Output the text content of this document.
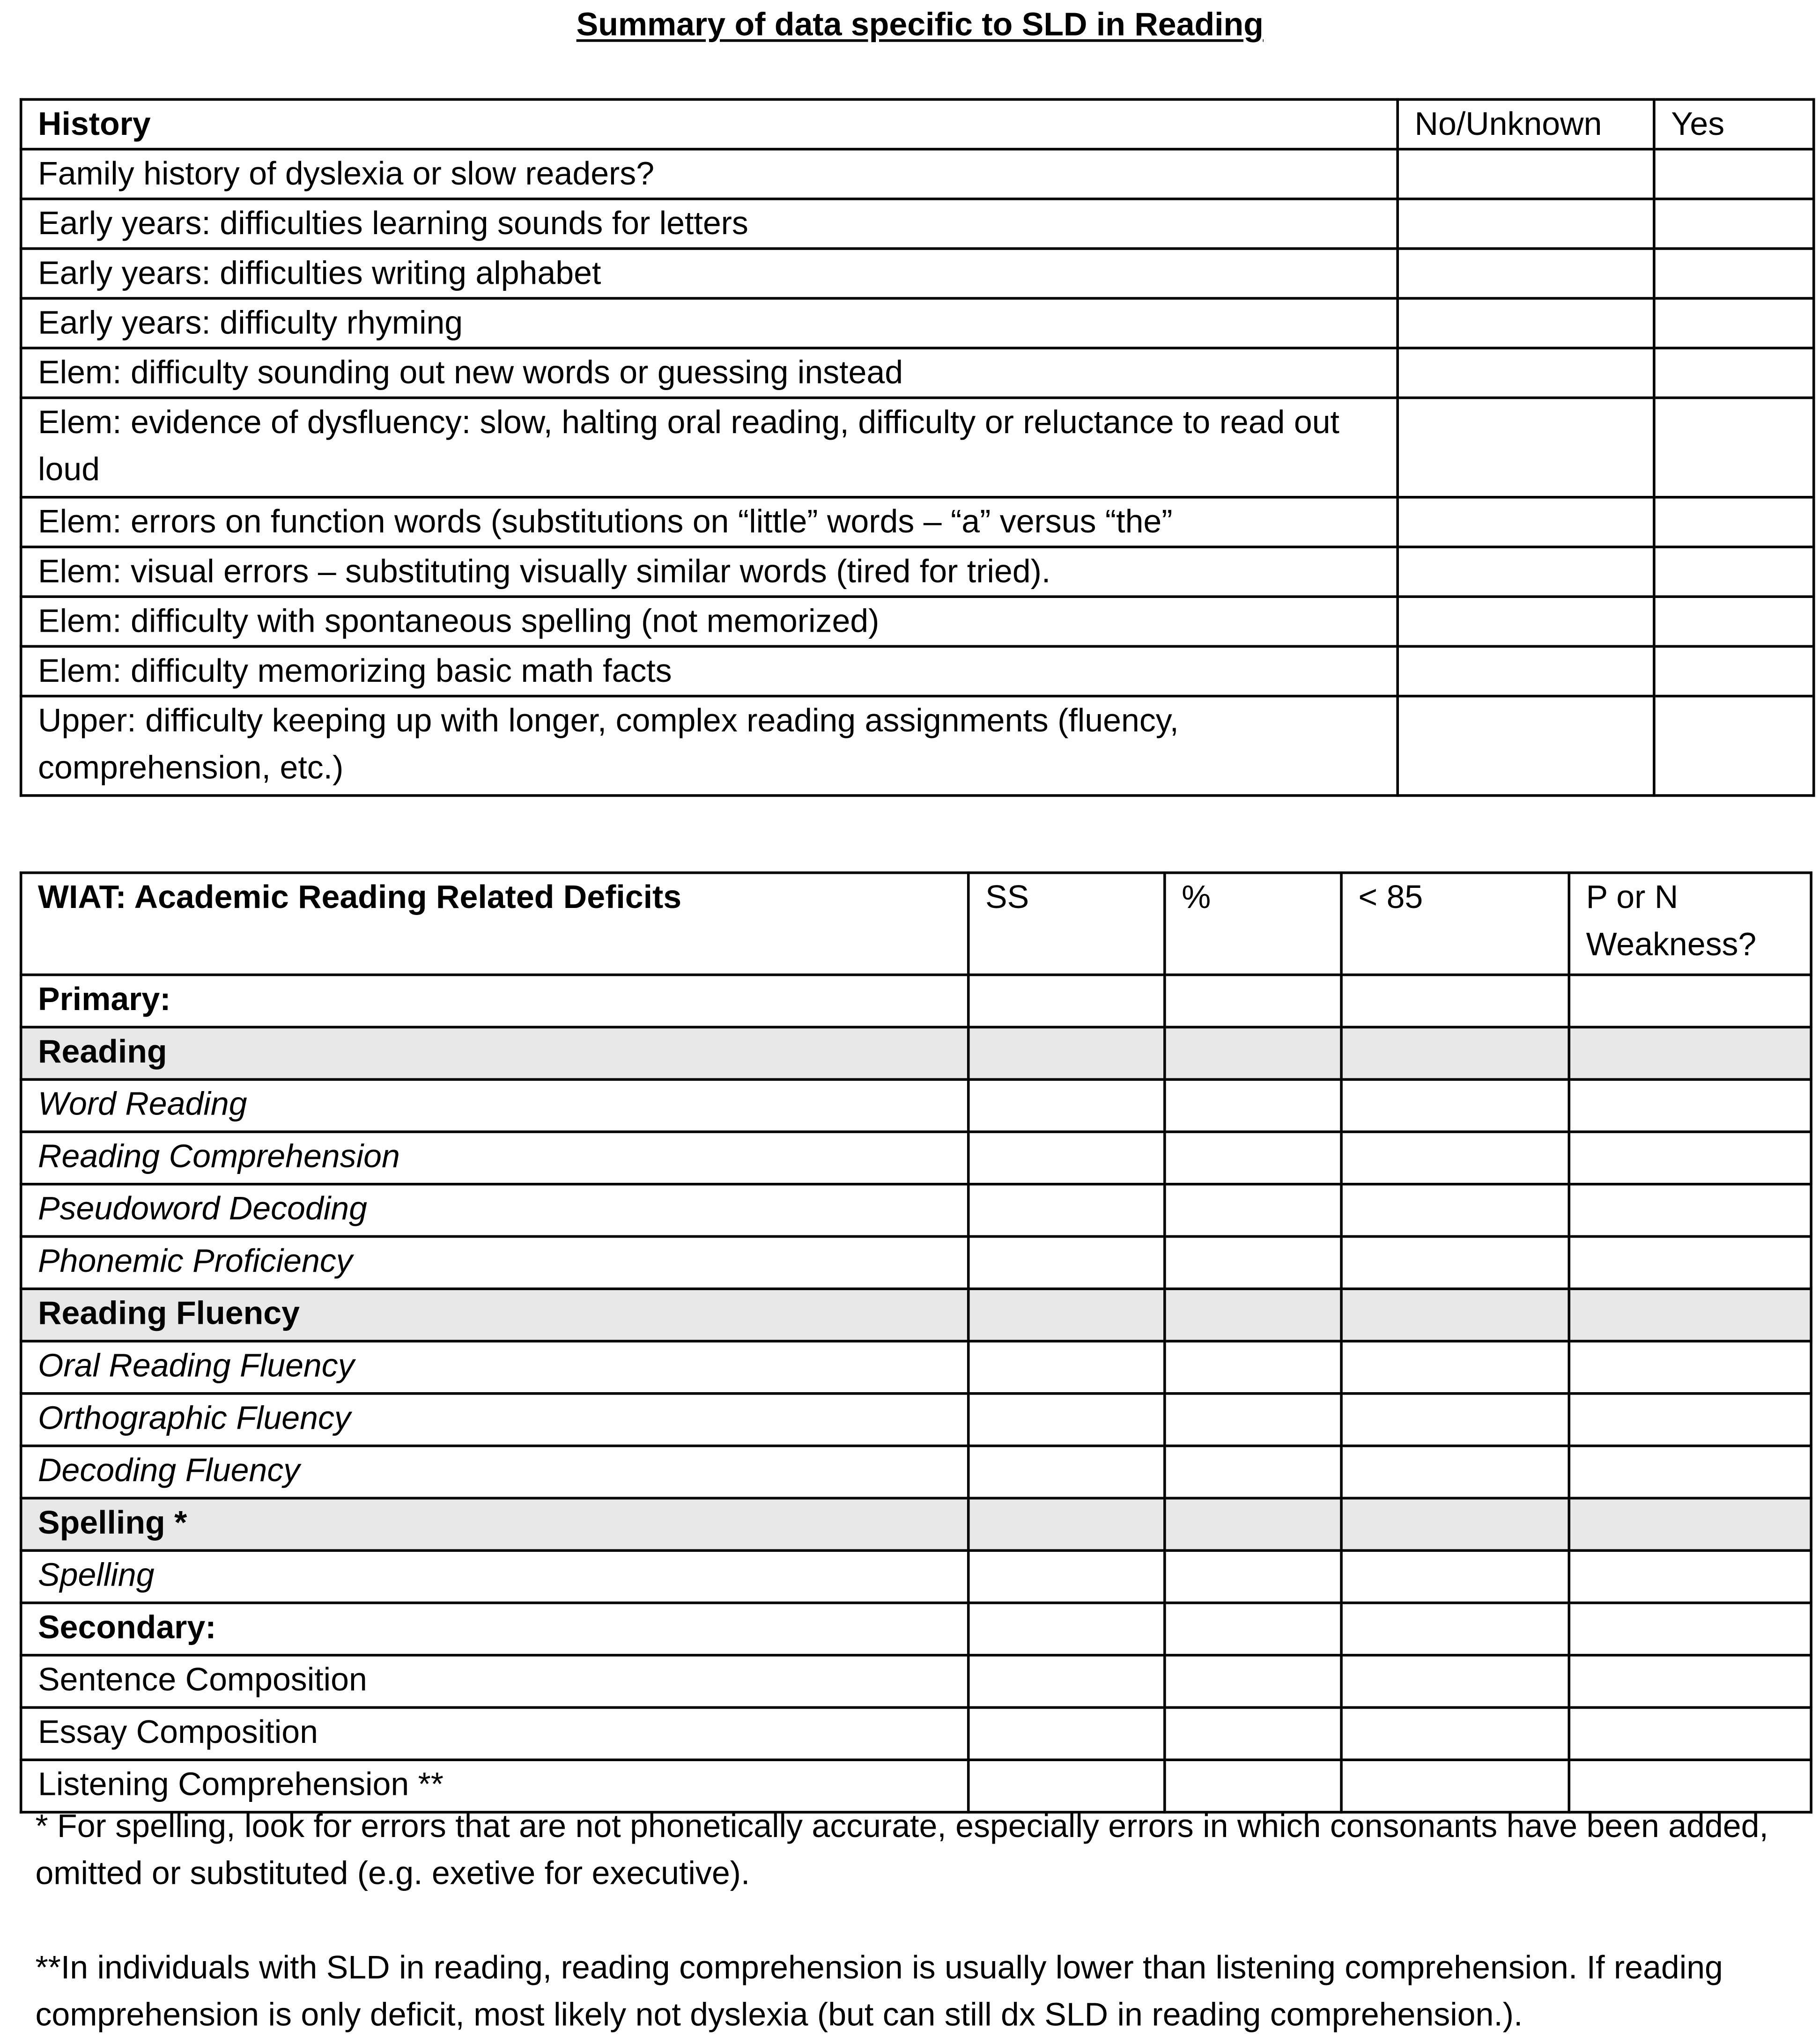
Summary of data specific to SLD in Reading
History	No/Unknown	Yes
Family history of dyslexia or slow readers?		
Early years: difficulties learning sounds for letters		
Early years: difficulties writing alphabet		
Early years: difficulty rhyming		
Elem: difficulty sounding out new words or guessing instead		
Elem: evidence of dysfluency: slow, halting oral reading, difficulty or reluctance to read out loud		
Elem: errors on function words (substitutions on “little” words – “a” versus “the”		
Elem: visual errors – substituting visually similar words (tired for tried).		
Elem: difficulty with spontaneous spelling (not memorized)		
Elem: difficulty memorizing basic math facts		
Upper: difficulty keeping up with longer, complex reading assignments (fluency, comprehension, etc.)		
WIAT: Academic Reading Related Deficits	SS	%	< 85	P or N Weakness?
Primary:				
Reading				
Word Reading				
Reading Comprehension				
Pseudoword Decoding				
Phonemic Proficiency				
Reading Fluency				
Oral Reading Fluency				
Orthographic Fluency				
Decoding Fluency				
Spelling *				
Spelling				
Secondary:				
Sentence Composition				
Essay Composition				
Listening Comprehension **				

* For spelling, look for errors that are not phonetically accurate, especially errors in which consonants have been added, omitted or substituted (e.g. exetive for executive).

**In individuals with SLD in reading, reading comprehension is usually lower than listening comprehension. If reading comprehension is only deficit, most likely not dyslexia (but can still dx SLD in reading comprehension.).
